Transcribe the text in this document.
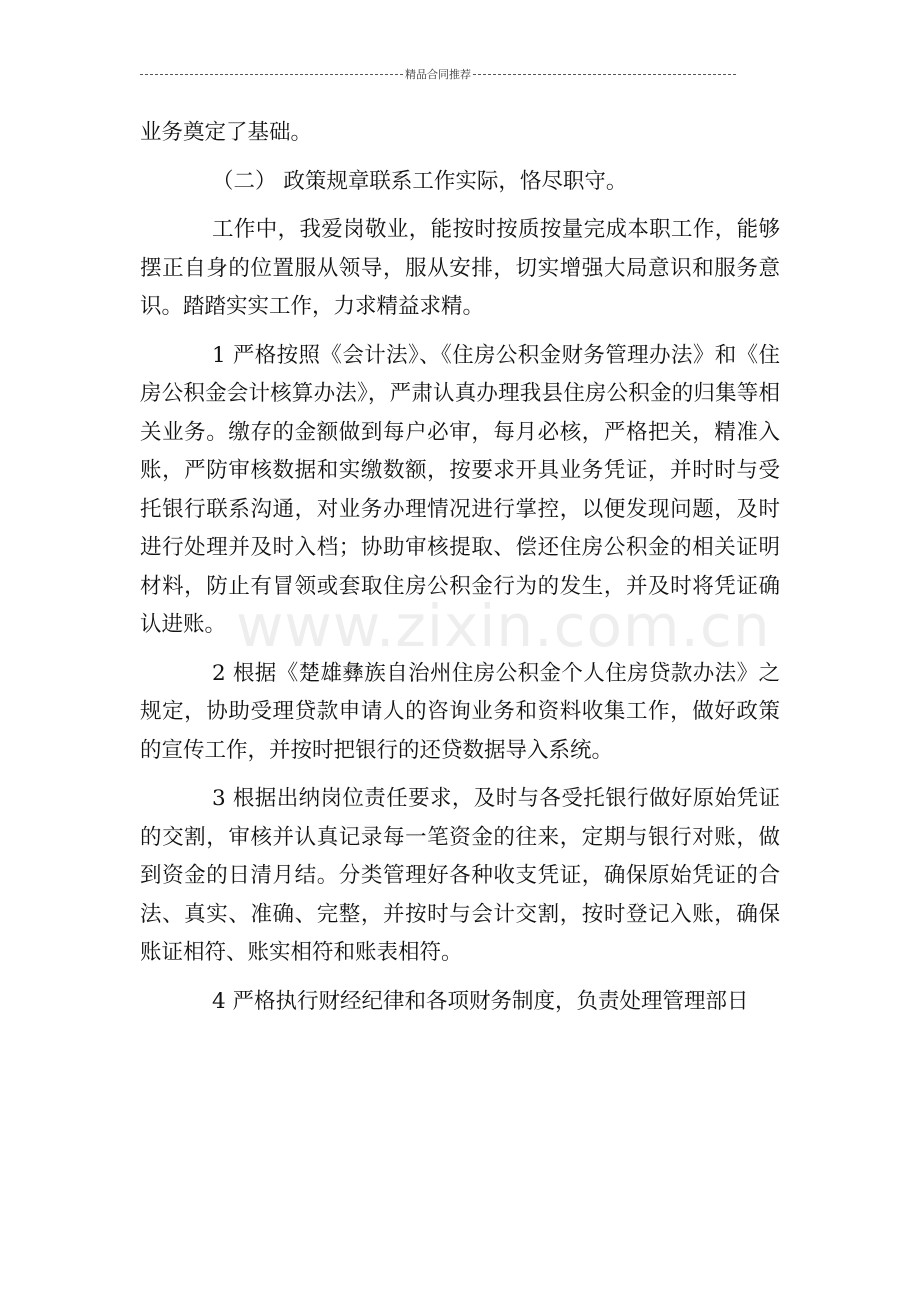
精品合同推荐

业务奠定了基础。

（二） 政策规章联系工作实际，恪尽职守。

工作中，我爱岗敬业，能按时按质按量完成本职工作，能够摆正自身的位置服从领导，服从安排，切实增强大局意识和服务意识。踏踏实实工作，力求精益求精。

1 严格按照《会计法》、《住房公积金财务管理办法》和《住房公积金会计核算办法》，严肃认真办理我县住房公积金的归集等相关业务。缴存的金额做到每户必审，每月必核，严格把关，精准入账，严防审核数据和实缴数额，按要求开具业务凭证，并时时与受托银行联系沟通，对业务办理情况进行掌控，以便发现问题，及时进行处理并及时入档；协助审核提取、偿还住房公积金的相关证明材料，防止有冒领或套取住房公积金行为的发生，并及时将凭证确认进账。

2 根据《楚雄彝族自治州住房公积金个人住房贷款办法》之规定，协助受理贷款申请人的咨询业务和资料收集工作，做好政策的宣传工作，并按时把银行的还贷数据导入系统。

3 根据出纳岗位责任要求，及时与各受托银行做好原始凭证的交割，审核并认真记录每一笔资金的往来，定期与银行对账，做到资金的日清月结。分类管理好各种收支凭证，确保原始凭证的合法、真实、准确、完整，并按时与会计交割，按时登记入账，确保账证相符、账实相符和账表相符。

4 严格执行财经纪律和各项财务制度，负责处理管理部日

www.zixin.com.cn
